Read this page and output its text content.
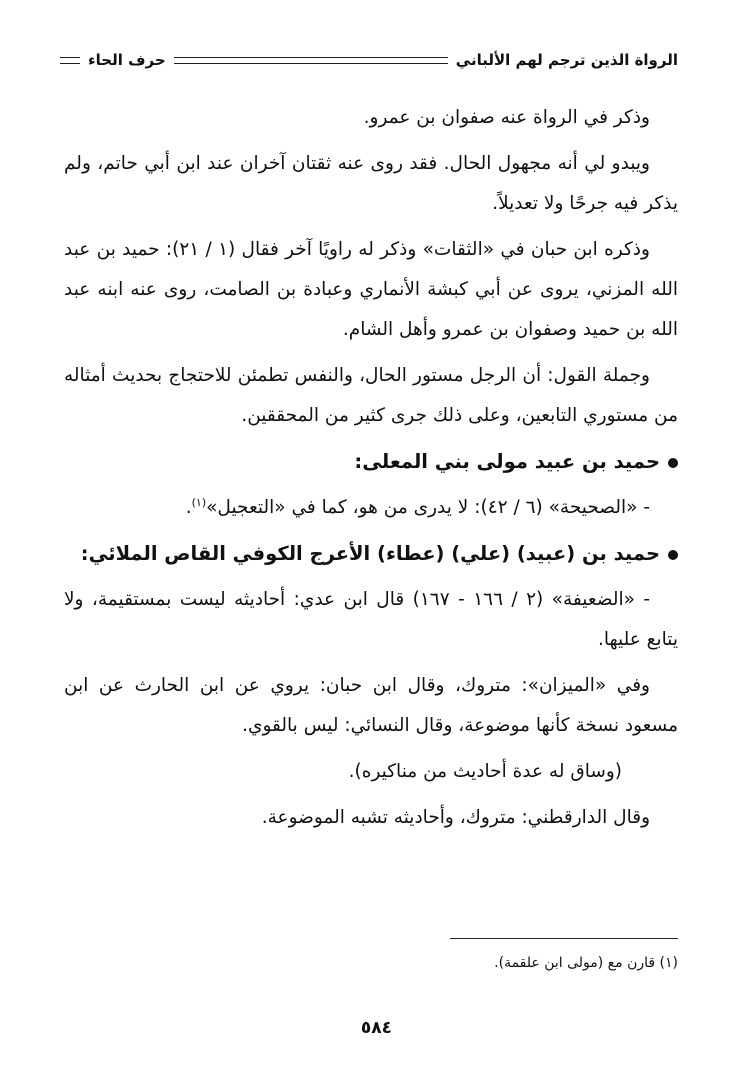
الرواة الذين ترجم لهم الألباني
حرف الحاء

وذكر في الرواة عنه صفوان بن عمرو.

ويبدو لي أنه مجهول الحال. فقد روى عنه ثقتان آخران عند ابن أبي حاتم، ولم يذكر فيه جرحًا ولا تعديلاً.

وذكره ابن حبان في «الثقات» وذكر له راويًا آخر فقال (١ / ٢١): حميد بن عبد الله المزني، يروى عن أبي كبشة الأنماري وعبادة بن الصامت، روى عنه ابنه عبد الله بن حميد وصفوان بن عمرو وأهل الشام.

وجملة القول: أن الرجل مستور الحال، والنفس تطمئن للاحتجاج بحديث أمثاله من مستوري التابعين، وعلى ذلك جرى كثير من المحققين.

حميد بن عبيد مولى بني المعلى:

- «الصحيحة» (٦ / ٤٢): لا يدرى من هو، كما في «التعجيل»$^{(١)}$.

حميد بن (عبيد) (علي) (عطاء) الأعرج الكوفي القاص الملائي:

- «الضعيفة» (٢ / ١٦٦ - ١٦٧) قال ابن عدي: أحاديثه ليست بمستقيمة، ولا يتابع عليها.

وفي «الميزان»: متروك، وقال ابن حبان: يروي عن ابن الحارث عن ابن مسعود نسخة كأنها موضوعة، وقال النسائي: ليس بالقوي.

(وساق له عدة أحاديث من مناكيره).

وقال الدارقطني: متروك، وأحاديثه تشبه الموضوعة.

(١) قارن مع (مولى ابن علقمة).
٥٨٤
